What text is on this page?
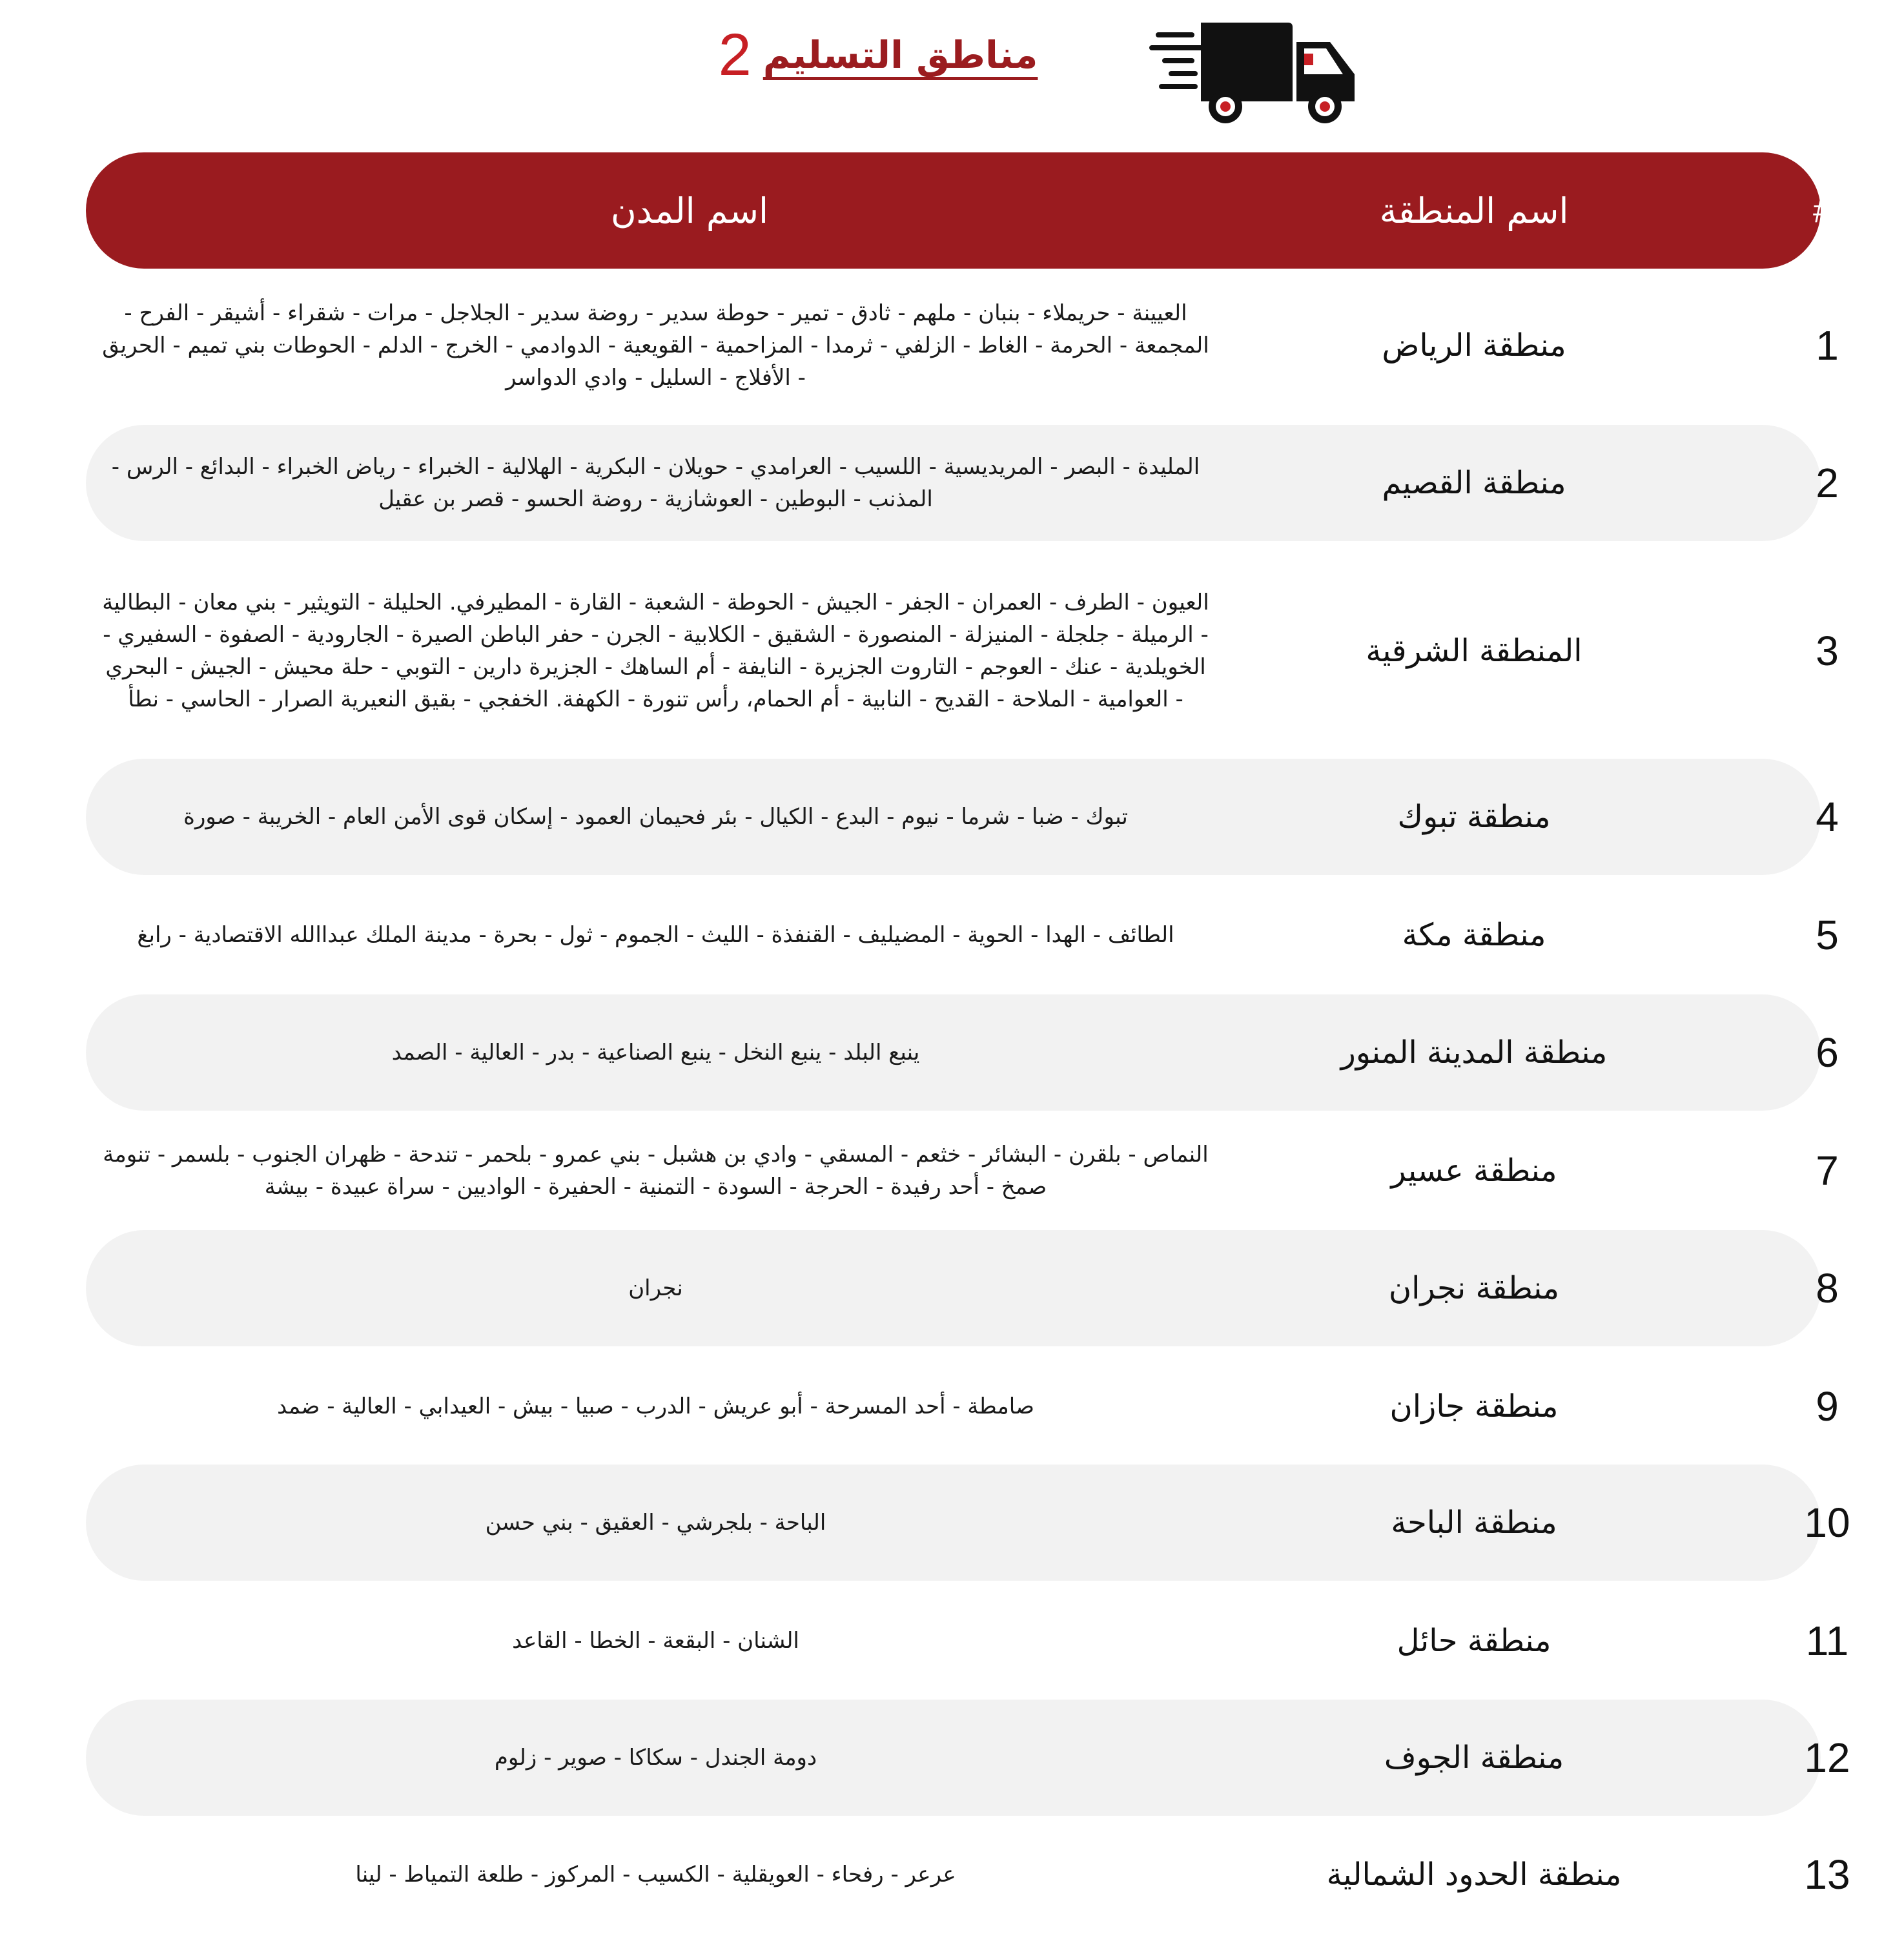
مناطق التسليم
2
#
اسم المنطقة
اسم المدن
1
منطقة الرياض
العيينة - حريملاء - بنبان - ملهم - ثادق - تمير - حوطة سدير - روضة سدير - الجلاجل - مرات - شقراء - أشيقر - الفرح - المجمعة - الحرمة - الغاط - الزلفي - ثرمدا - المزاحمية - القويعية - الدوادمي - الخرج - الدلم - الحوطات بني تميم - الحريق - الأفلاج - السليل - وادي الدواسر
2
منطقة القصيم
المليدة - البصر - المريديسية - اللسيب - العرامدي - حويلان - البكرية - الهلالية - الخبراء - رياض الخبراء - البدائع - الرس - المذنب - البوطين - العوشازية - روضة الحسو - قصر بن عقيل
3
المنطقة الشرقية
العيون - الطرف - العمران - الجفر - الجيش - الحوطة - الشعبة - القارة - المطيرفي. الحليلة - التويثير - بني معان - البطالية - الرميلة - جلجلة - المنيزلة - المنصورة - الشقيق - الكلابية - الجرن - حفر الباطن الصيرة - الجارودية - الصفوة - السفيري - الخويلدية - عنك - العوجم - التاروت الجزيرة - النايفة - أم الساهك - الجزيرة دارين - التوبي - حلة محيش - الجيش - البحري - العوامية - الملاحة - القديح - النابية - أم الحمام، رأس تنورة - الكهفة. الخفجي - بقيق النعيرية الصرار - الحاسي - نطأ
4
منطقة تبوك
تبوك - ضبا - شرما - نيوم - البدع - الكيال - بئر فحيمان العمود - إسكان قوى الأمن العام - الخريبة - صورة
5
منطقة مكة
الطائف - الهدا - الحوية - المضيليف - القنفذة - الليث - الجموم - ثول - بحرة - مدينة الملك عبداالله الاقتصادية - رابغ
6
منطقة المدينة المنور
ينبع البلد - ينبع النخل - ينبع الصناعية - بدر - العالية - الصمد
7
منطقة عسير
النماص - بلقرن - البشائر - خثعم - المسقي - وادي بن هشبل - بني عمرو - بلحمر - تندحة - ظهران الجنوب - بلسمر - تنومة صمخ - أحد رفيدة - الحرجة - السودة - التمنية - الحفيرة - الواديين - سراة عبيدة - بيشة
8
منطقة نجران
نجران
9
منطقة جازان
صامطة - أحد المسرحة - أبو عريش - الدرب - صبيا - بيش - العيدابي - العالية - ضمد
10
منطقة الباحة
الباحة - بلجرشي - العقيق - بني حسن
11
منطقة حائل
الشنان - البقعة - الخطا - القاعد
12
منطقة الجوف
دومة الجندل - سكاكا - صوير - زلوم
13
منطقة الحدود الشمالية
عرعر - رفحاء - العويقلية - الكسيب - المركوز - طلعة التمياط - لينا
